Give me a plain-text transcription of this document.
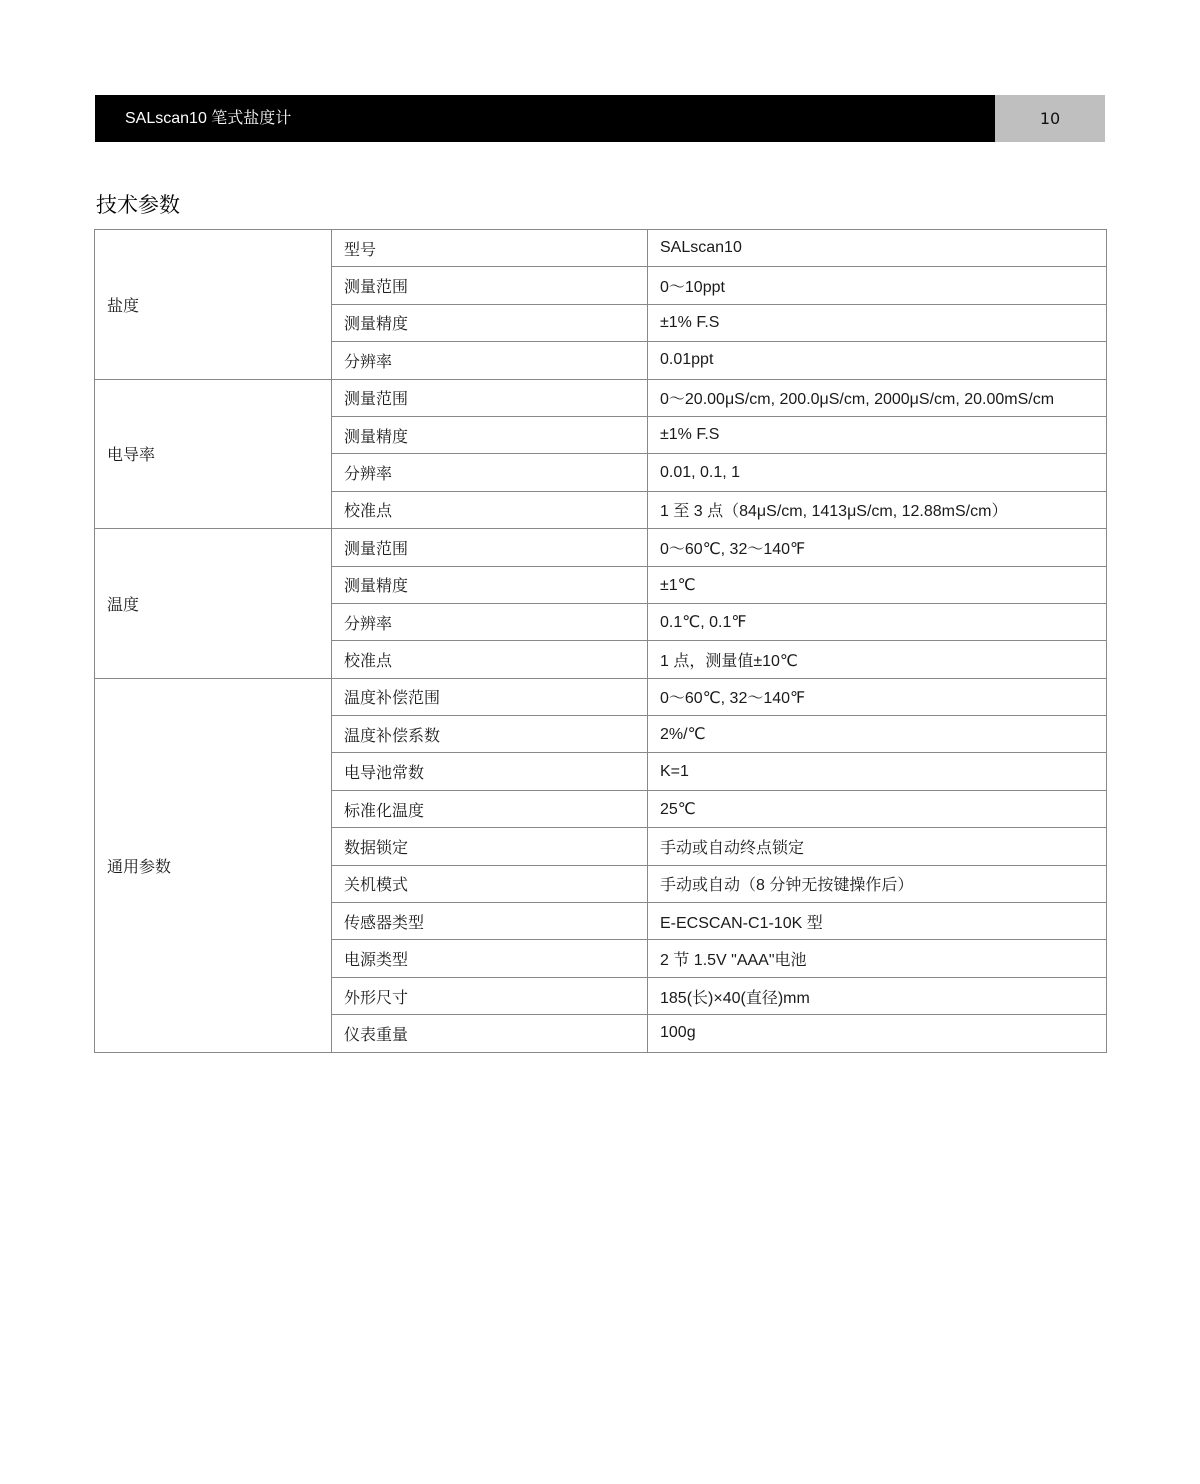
SALscan10 笔式盐度计	10
技术参数
盐度	型号	SALscan10
	测量范围	0～10ppt
	测量精度	±1% F.S
	分辨率	0.01ppt
电导率	测量范围	0～20.00μS/cm, 200.0μS/cm, 2000μS/cm, 20.00mS/cm
	测量精度	±1% F.S
	分辨率	0.01, 0.1, 1
	校准点	1 至 3 点（84μS/cm, 1413μS/cm, 12.88mS/cm）
温度	测量范围	0～60℃, 32～140℉
	测量精度	±1℃
	分辨率	0.1℃, 0.1℉
	校准点	1 点，测量值±10℃
通用参数	温度补偿范围	0～60℃, 32～140℉
	温度补偿系数	2%/℃
	电导池常数	K=1
	标准化温度	25℃
	数据锁定	手动或自动终点锁定
	关机模式	手动或自动（8 分钟无按键操作后）
	传感器类型	E-ECSCAN-C1-10K 型
	电源类型	2 节 1.5V "AAA"电池
	外形尺寸	185(长)×40(直径)mm
	仪表重量	100g
